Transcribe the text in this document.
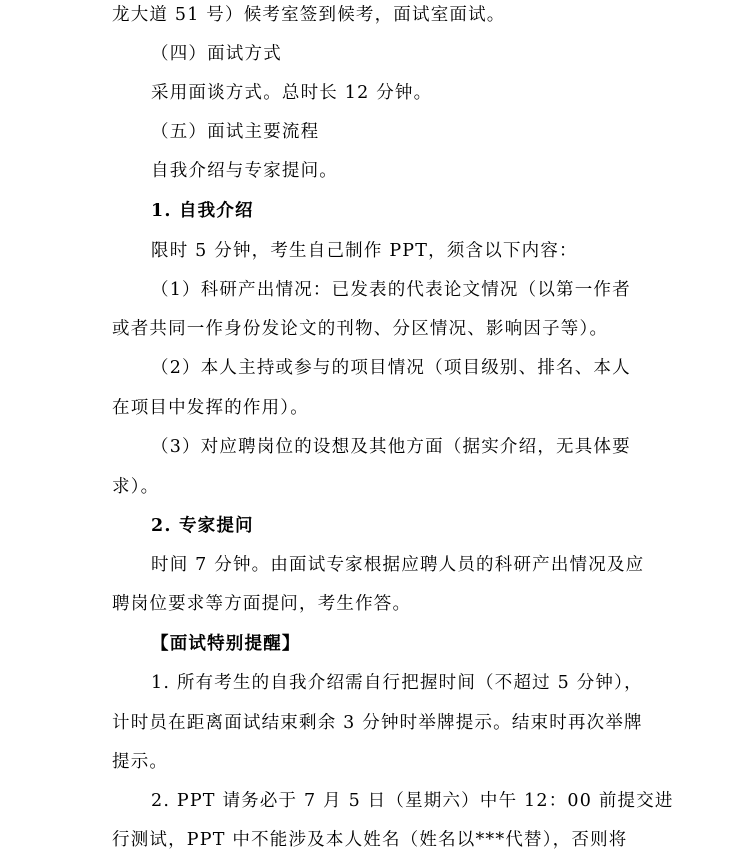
龙大道 51 号）候考室签到候考，面试室面试。
（四）面试方式
采用面谈方式。总时长 12 分钟。
（五）面试主要流程
自我介绍与专家提问。
1. 自我介绍
限时 5 分钟，考生自己制作 PPT，须含以下内容：
（1）科研产出情况：已发表的代表论文情况（以第一作者
或者共同一作身份发论文的刊物、分区情况、影响因子等）。
（2）本人主持或参与的项目情况（项目级别、排名、本人
在项目中发挥的作用）。
（3）对应聘岗位的设想及其他方面（据实介绍，无具体要
求）。
2. 专家提问
时间 7 分钟。由面试专家根据应聘人员的科研产出情况及应
聘岗位要求等方面提问，考生作答。
【面试特别提醒】
1. 所有考生的自我介绍需自行把握时间（不超过 5 分钟），
计时员在距离面试结束剩余 3 分钟时举牌提示。结束时再次举牌
提示。
2. PPT 请务必于 7 月 5 日（星期六）中午 12：00 前提交进
行测试，PPT 中不能涉及本人姓名（姓名以***代替），否则将
